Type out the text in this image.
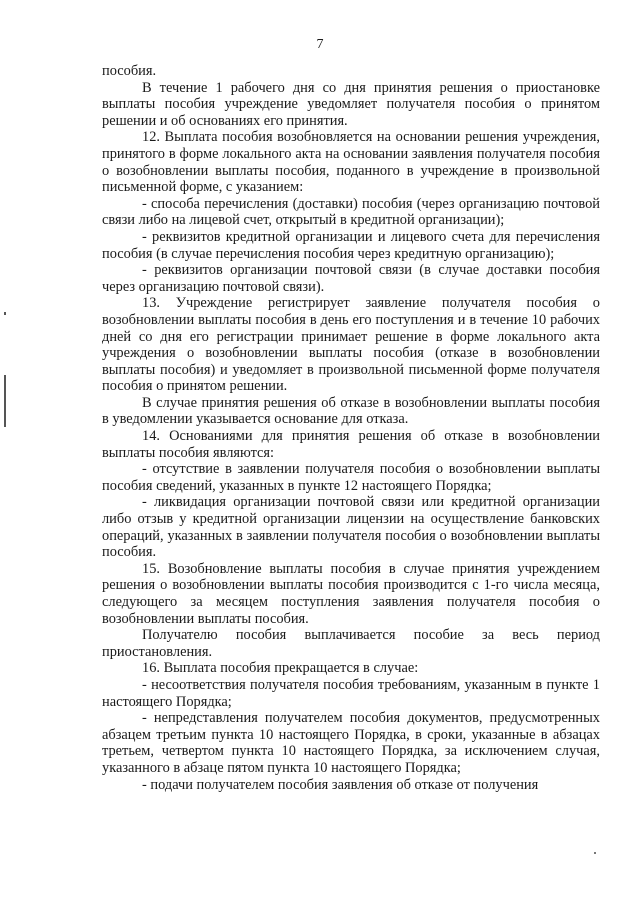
7

пособия.

В течение 1 рабочего дня со дня принятия решения о приостановке выплаты пособия учреждение уведомляет получателя пособия о принятом решении и об основаниях его принятия.

12. Выплата пособия возобновляется на основании решения учреждения, принятого в форме локального акта на основании заявления получателя пособия о возобновлении выплаты пособия, поданного в учреждение в произвольной письменной форме, с указанием:

- способа перечисления (доставки) пособия (через организацию почтовой связи либо на лицевой счет, открытый в кредитной организации);

- реквизитов кредитной организации и лицевого счета для перечисления пособия (в случае перечисления пособия через кредитную организацию);

- реквизитов организации почтовой связи (в случае доставки пособия через организацию почтовой связи).

13. Учреждение регистрирует заявление получателя пособия о возобновлении выплаты пособия в день его поступления и в течение 10 рабочих дней со дня его регистрации принимает решение в форме локального акта учреждения о возобновлении выплаты пособия (отказе в возобновлении выплаты пособия) и уведомляет в произвольной письменной форме получателя пособия о принятом решении.

В случае принятия решения об отказе в возобновлении выплаты пособия в уведомлении указывается основание для отказа.

14. Основаниями для принятия решения об отказе в возобновлении выплаты пособия являются:

- отсутствие в заявлении получателя пособия о возобновлении выплаты пособия сведений, указанных в пункте 12 настоящего Порядка;

- ликвидация организации почтовой связи или кредитной организации либо отзыв у кредитной организации лицензии на осуществление банковских операций, указанных в заявлении получателя пособия о возобновлении выплаты пособия.

15. Возобновление выплаты пособия в случае принятия учреждением решения о возобновлении выплаты пособия производится с 1-го числа месяца, следующего за месяцем поступления заявления получателя пособия о возобновлении выплаты пособия.

Получателю пособия выплачивается пособие за весь период приостановления.

16. Выплата пособия прекращается в случае:

- несоответствия получателя пособия требованиям, указанным в пункте 1 настоящего Порядка;

- непредставления получателем пособия документов, предусмотренных абзацем третьим пункта 10 настоящего Порядка, в сроки, указанные в абзацах третьем, четвертом пункта 10 настоящего Порядка, за исключением случая, указанного в абзаце пятом пункта 10 настоящего Порядка;

- подачи получателем пособия заявления об отказе от получения
